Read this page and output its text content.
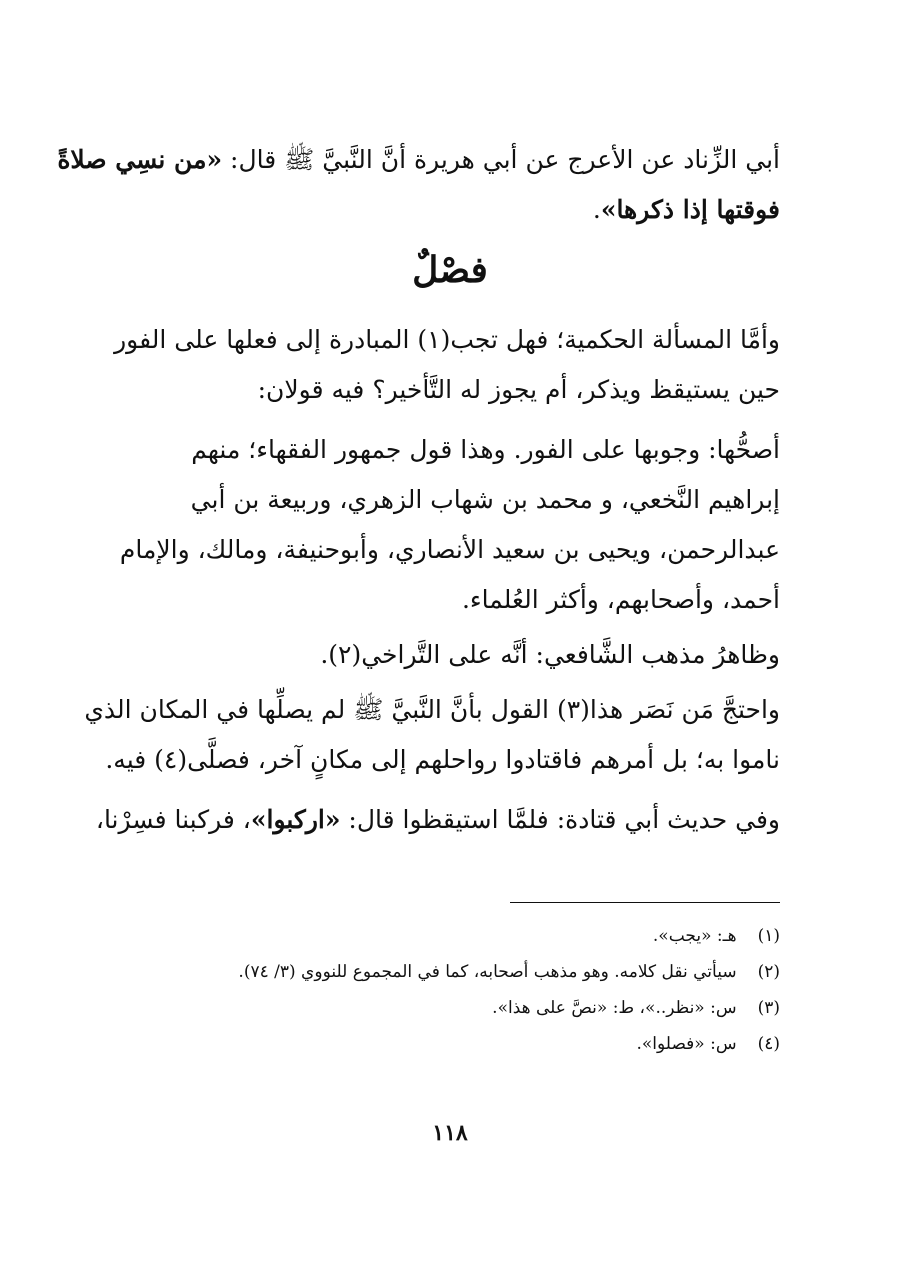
أبي الزِّناد عن الأعرج عن أبي هريرة أنَّ النَّبيَّ ﷺ قال: «من نسِي صلاةً
فوقتها إذا ذكرها».
فصْلٌ
وأمَّا المسألة الحكمية؛ فهل تجب(١) المبادرة إلى فعلها على الفور
حين يستيقظ ويذكر، أم يجوز له التَّأخير؟ فيه قولان:
أصحُّها: وجوبها على الفور. وهذا قول جمهور الفقهاء؛ منهم
إبراهيم النَّخعي، و محمد بن شهاب الزهري، وربيعة بن أبي
عبدالرحمن، ويحيى بن سعيد الأنصاري، وأبوحنيفة، ومالك، والإمام
أحمد، وأصحابهم، وأكثر العُلماء.
وظاهرُ مذهب الشَّافعي: أنَّه على التَّراخي(٢).
واحتجَّ مَن نَصَر هذا(٣) القول بأنَّ النَّبيَّ ﷺ لم يصلِّها في المكان الذي
ناموا به؛ بل أمرهم فاقتادوا رواحلهم إلى مكانٍ آخر، فصلَّى(٤) فيه.
وفي حديث أبي قتادة: فلمَّا استيقظوا قال: «اركبوا»، فركبنا فسِرْنا،
(١) هـ: «يجب».
(٢) سيأتي نقل كلامه. وهو مذهب أصحابه، كما في المجموع للنووي (٣/ ٧٤).
(٣) س: «نظر..»، ط: «نصَّ على هذا».
(٤) س: «فصلوا».
١١٨
